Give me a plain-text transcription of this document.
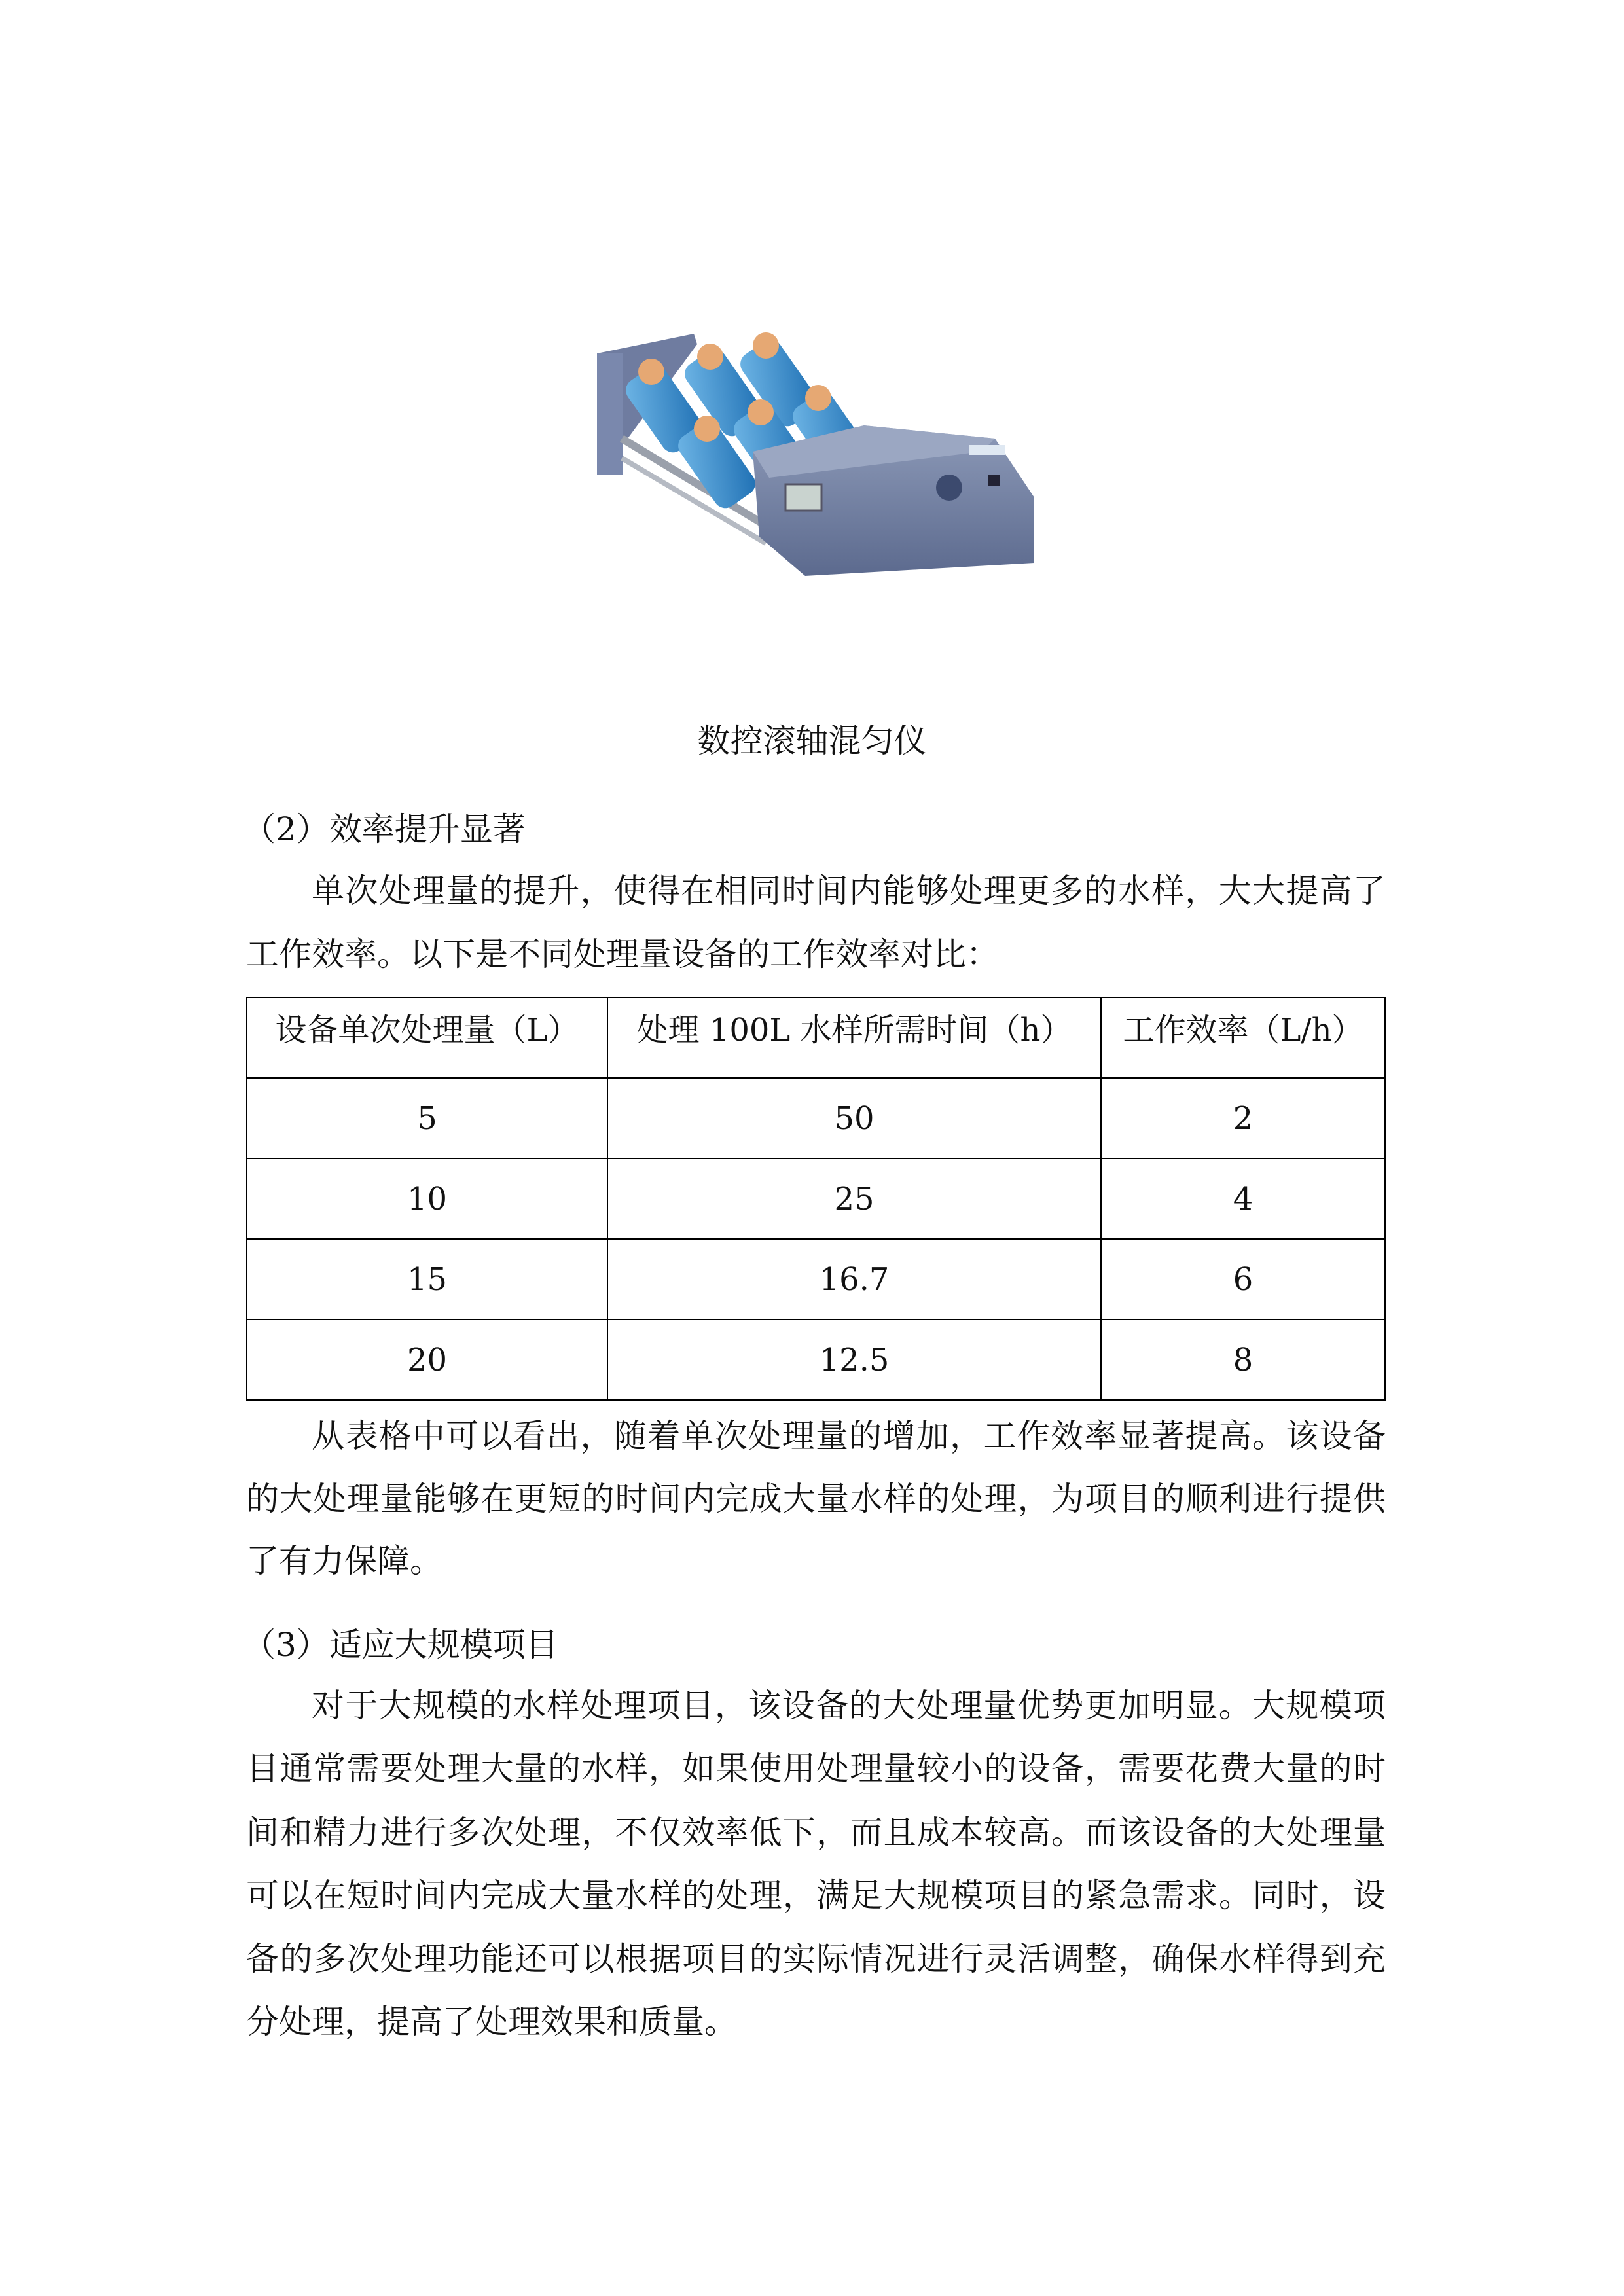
数控滚轴混匀仪
（2）效率提升显著
单次处理量的提升，使得在相同时间内能够处理更多的水样，大大提高了
工作效率。以下是不同处理量设备的工作效率对比：
设备单次处理量（L）	处理 100L 水样所需时间（h）	工作效率（L/h）
5	50	2
10	25	4
15	16.7	6
20	12.5	8
从表格中可以看出，随着单次处理量的增加，工作效率显著提高。该设备
的大处理量能够在更短的时间内完成大量水样的处理，为项目的顺利进行提供
了有力保障。
（3）适应大规模项目
对于大规模的水样处理项目，该设备的大处理量优势更加明显。大规模项
目通常需要处理大量的水样，如果使用处理量较小的设备，需要花费大量的时
间和精力进行多次处理，不仅效率低下，而且成本较高。而该设备的大处理量
可以在短时间内完成大量水样的处理，满足大规模项目的紧急需求。同时，设
备的多次处理功能还可以根据项目的实际情况进行灵活调整，确保水样得到充
分处理，提高了处理效果和质量。
